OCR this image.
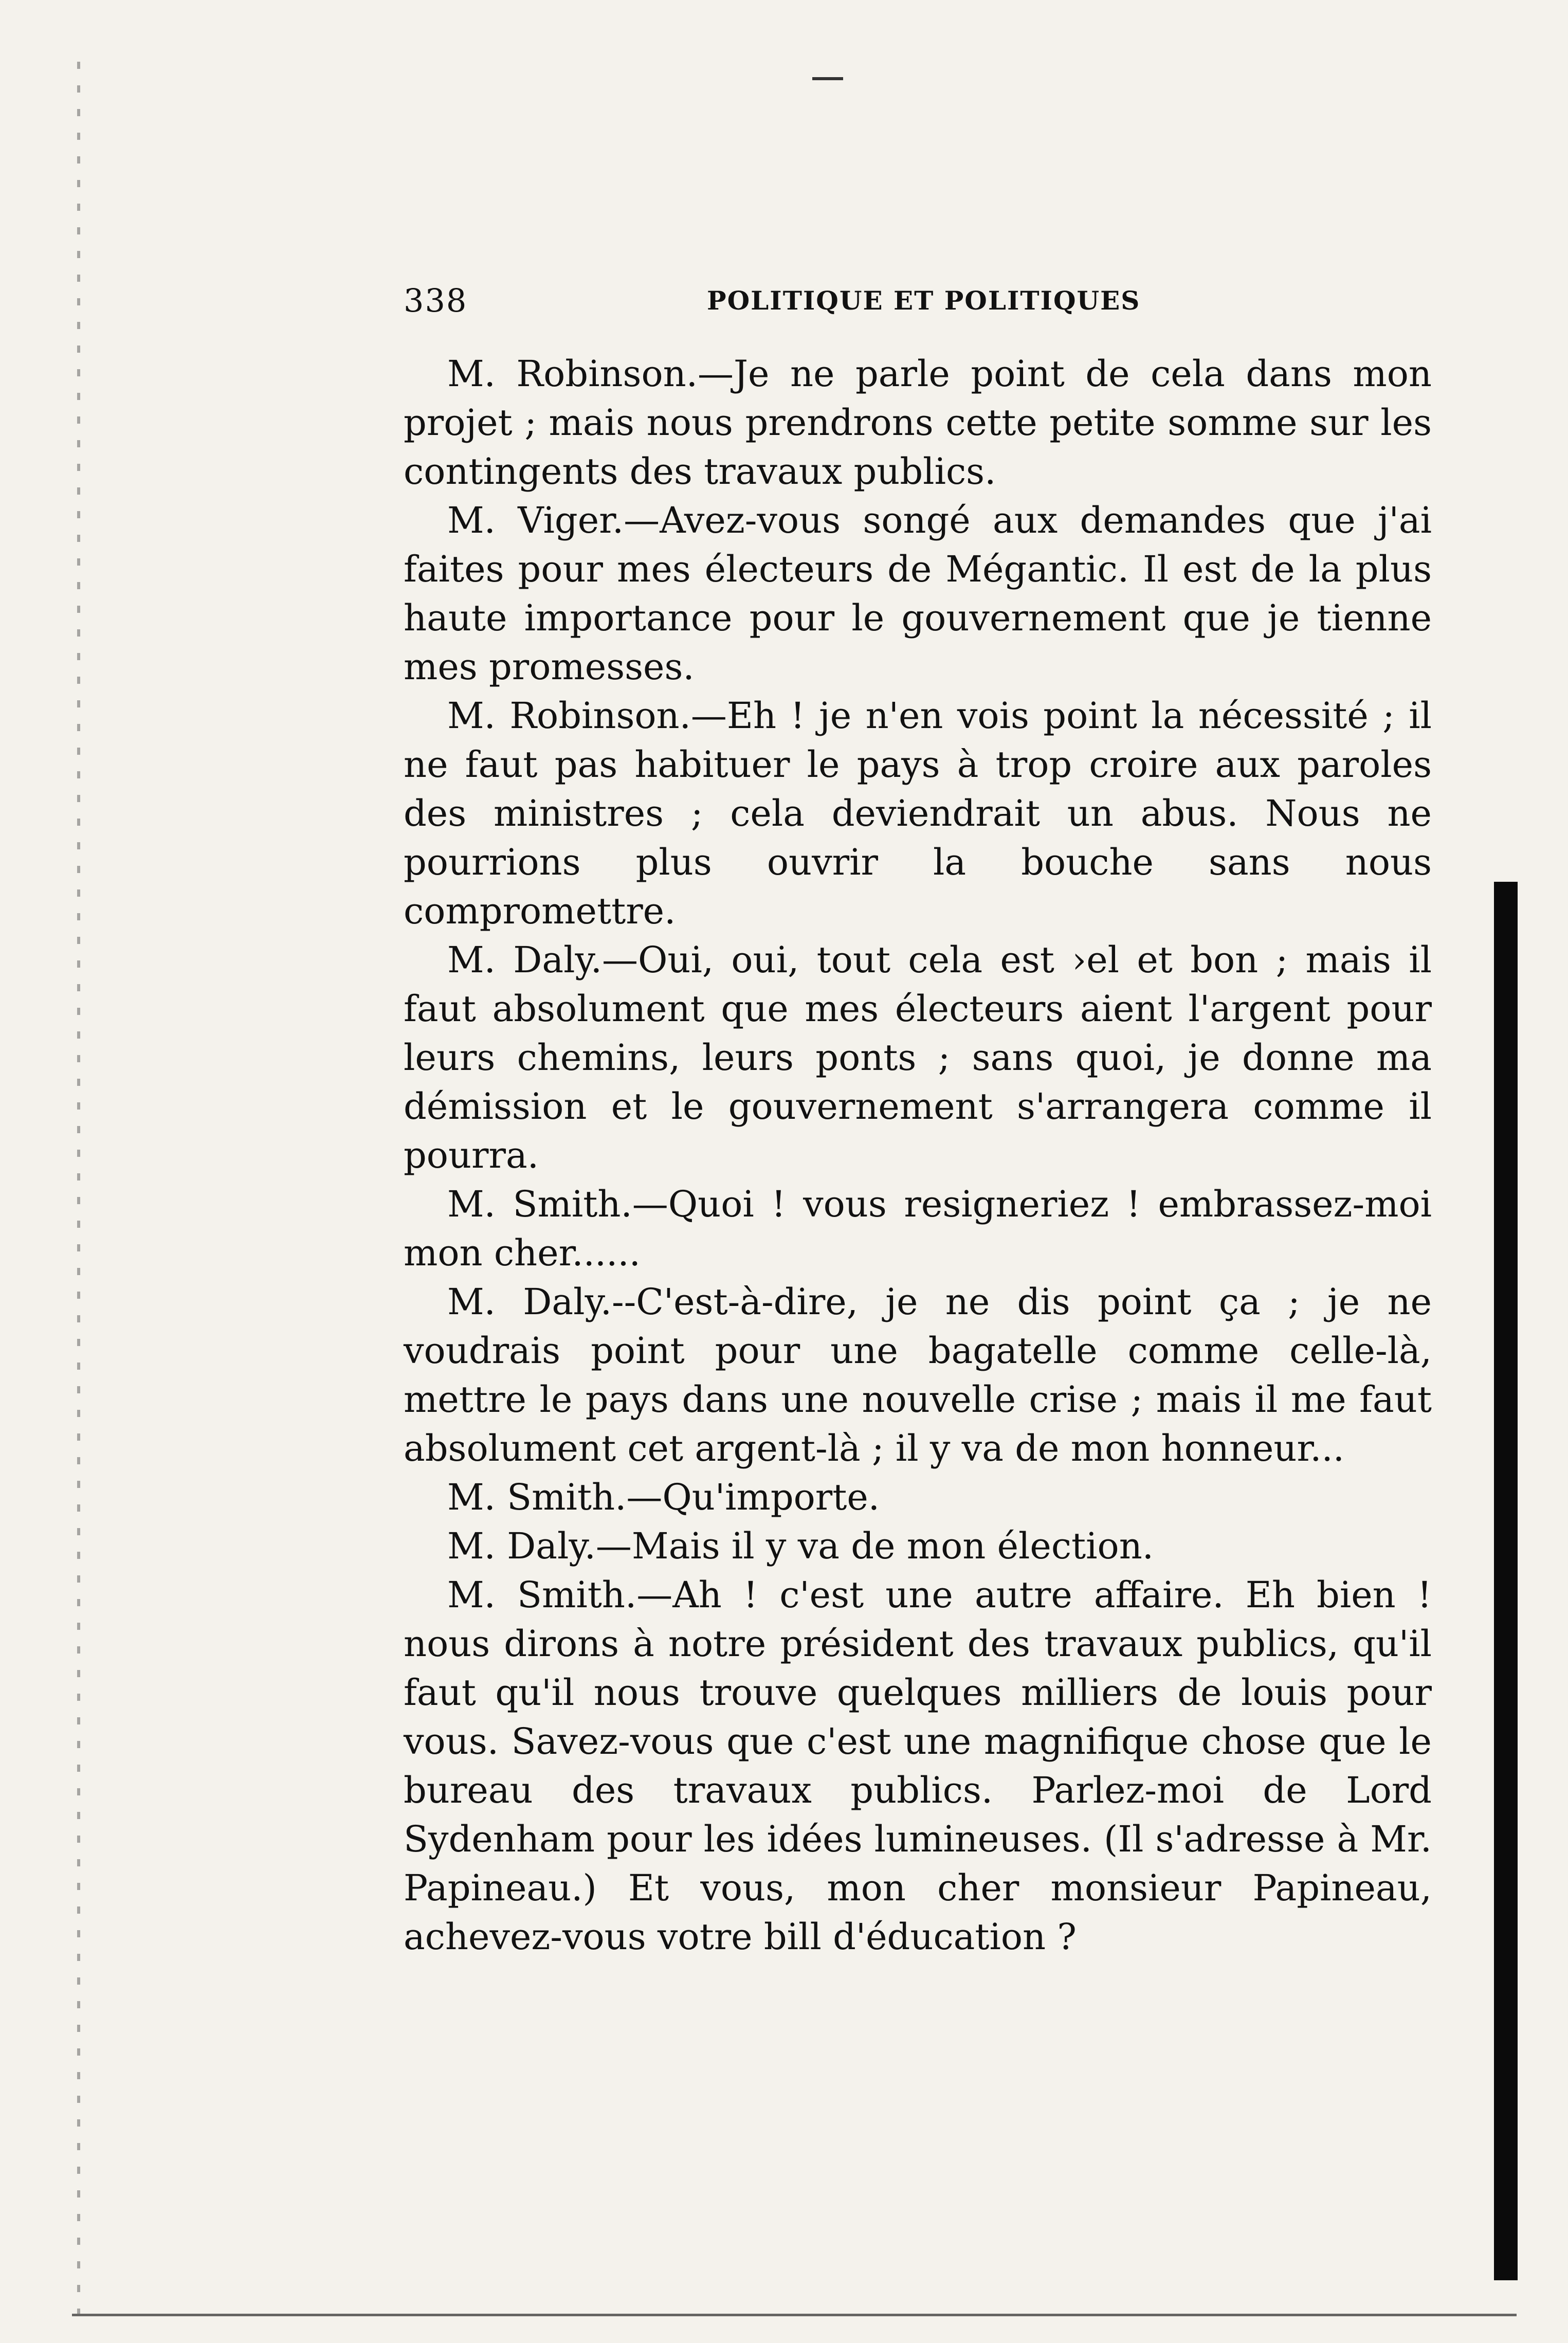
338	POLITIQUE ET POLITIQUES

M. Robinson.—Je ne parle point de cela dans mon projet ; mais nous prendrons cette petite somme sur les contingents des travaux publics.

M. Viger.—Avez-vous songé aux demandes que j'ai faites pour mes électeurs de Mégantic. Il est de la plus haute importance pour le gouvernement que je tienne mes promesses.

M. Robinson.—Eh ! je n'en vois point la nécessité ; il ne faut pas habituer le pays à trop croire aux paroles des ministres ; cela deviendrait un abus. Nous ne pourrions plus ouvrir la bouche sans nous compromettre.

M. Daly.—Oui, oui, tout cela est ›el et bon ; mais il faut absolument que mes électeurs aient l'argent pour leurs chemins, leurs ponts ; sans quoi, je donne ma démission et le gouvernement s'arrangera comme il pourra.

M. Smith.—Quoi ! vous resigneriez ! embrassez-moi mon cher......

M. Daly.--C'est-à-dire, je ne dis point ça ; je ne voudrais point pour une bagatelle comme celle-là, mettre le pays dans une nouvelle crise ; mais il me faut absolument cet argent-là ; il y va de mon honneur...

M. Smith.—Qu'importe.

M. Daly.—Mais il y va de mon élection.

M. Smith.—Ah ! c'est une autre affaire. Eh bien ! nous dirons à notre président des travaux publics, qu'il faut qu'il nous trouve quelques milliers de louis pour vous. Savez-vous que c'est une magnifique chose que le bureau des travaux publics. Parlez-moi de Lord Sydenham pour les idées lumineuses. (Il s'adresse à Mr. Papineau.) Et vous, mon cher monsieur Papineau, achevez-vous votre bill d'éducation ?
